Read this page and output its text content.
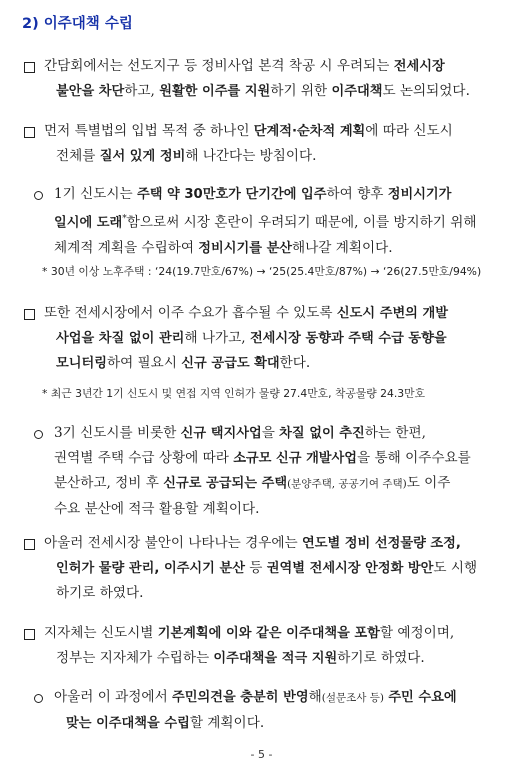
2) 이주대책 수립
간담회에서는 선도지구 등 정비사업 본격 착공 시 우려되는 전세시장
불안을 차단하고, 원활한 이주를 지원하기 위한 이주대책도 논의되었다.
먼저 특별법의 입법 목적 중 하나인 단계적·순차적 계획에 따라 신도시
전체를 질서 있게 정비해 나간다는 방침이다.
1기 신도시는 주택 약 30만호가 단기간에 입주하여 향후 정비시기가
일시에 도래*함으로써 시장 혼란이 우려되기 때문에, 이를 방지하기 위해
체계적 계획을 수립하여 정비시기를 분산해나갈 계획이다.
* 30년 이상 노후주택 : ‘24(19.7만호/67%) → ‘25(25.4만호/87%) → ‘26(27.5만호/94%)
또한 전세시장에서 이주 수요가 흡수될 수 있도록 신도시 주변의 개발
사업을 차질 없이 관리해 나가고, 전세시장 동향과 주택 수급 동향을
모니터링하여 필요시 신규 공급도 확대한다.
* 최근 3년간 1기 신도시 및 연접 지역 인허가 물량 27.4만호, 착공물량 24.3만호
3기 신도시를 비롯한 신규 택지사업을 차질 없이 추진하는 한편,
권역별 주택 수급 상황에 따라 소규모 신규 개발사업을 통해 이주수요를
분산하고, 정비 후 신규로 공급되는 주택(분양주택, 공공기여 주택)도 이주
수요 분산에 적극 활용할 계획이다.
아울러 전세시장 불안이 나타나는 경우에는 연도별 정비 선정물량 조정,
인허가 물량 관리, 이주시기 분산 등 권역별 전세시장 안정화 방안도 시행
하기로 하였다.
지자체는 신도시별 기본계획에 이와 같은 이주대책을 포함할 예정이며,
정부는 지자체가 수립하는 이주대책을 적극 지원하기로 하였다.
아울러 이 과정에서 주민의견을 충분히 반영해(설문조사 등) 주민 수요에
맞는 이주대책을 수립할 계획이다.
- 5 -
